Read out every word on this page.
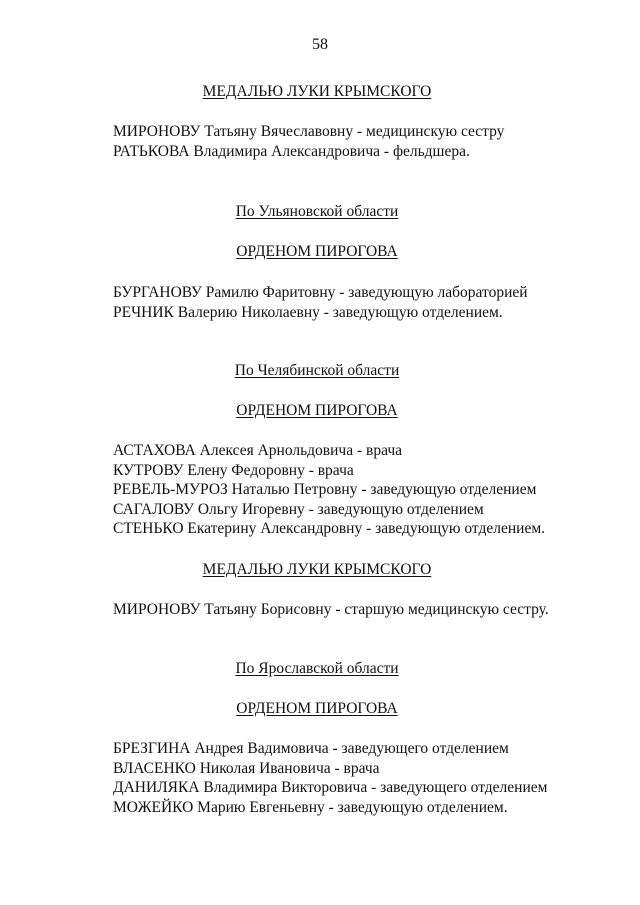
58
МЕДАЛЬЮ ЛУКИ КРЫМСКОГО
МИРОНОВУ Татьяну Вячеславовну - медицинскую сестру
РАТЬКОВА Владимира Александровича - фельдшера.
По Ульяновской области
ОРДЕНОМ ПИРОГОВА
БУРГАНОВУ Рамилю Фаритовну - заведующую лабораторией
РЕЧНИК Валерию Николаевну - заведующую отделением.
По Челябинской области
ОРДЕНОМ ПИРОГОВА
АСТАХОВА Алексея Арнольдовича - врача
КУТРОВУ Елену Федоровну - врача
РЕВЕЛЬ-МУРОЗ Наталью Петровну - заведующую отделением
САГАЛОВУ Ольгу Игоревну - заведующую отделением
СТЕНЬКО Екатерину Александровну - заведующую отделением.
МЕДАЛЬЮ ЛУКИ КРЫМСКОГО
МИРОНОВУ Татьяну Борисовну - старшую медицинскую сестру.
По Ярославской области
ОРДЕНОМ ПИРОГОВА
БРЕЗГИНА Андрея Вадимовича - заведующего отделением
ВЛАСЕНКО Николая Ивановича - врача
ДАНИЛЯКА Владимира Викторовича - заведующего отделением
МОЖЕЙКО Марию Евгеньевну - заведующую отделением.
